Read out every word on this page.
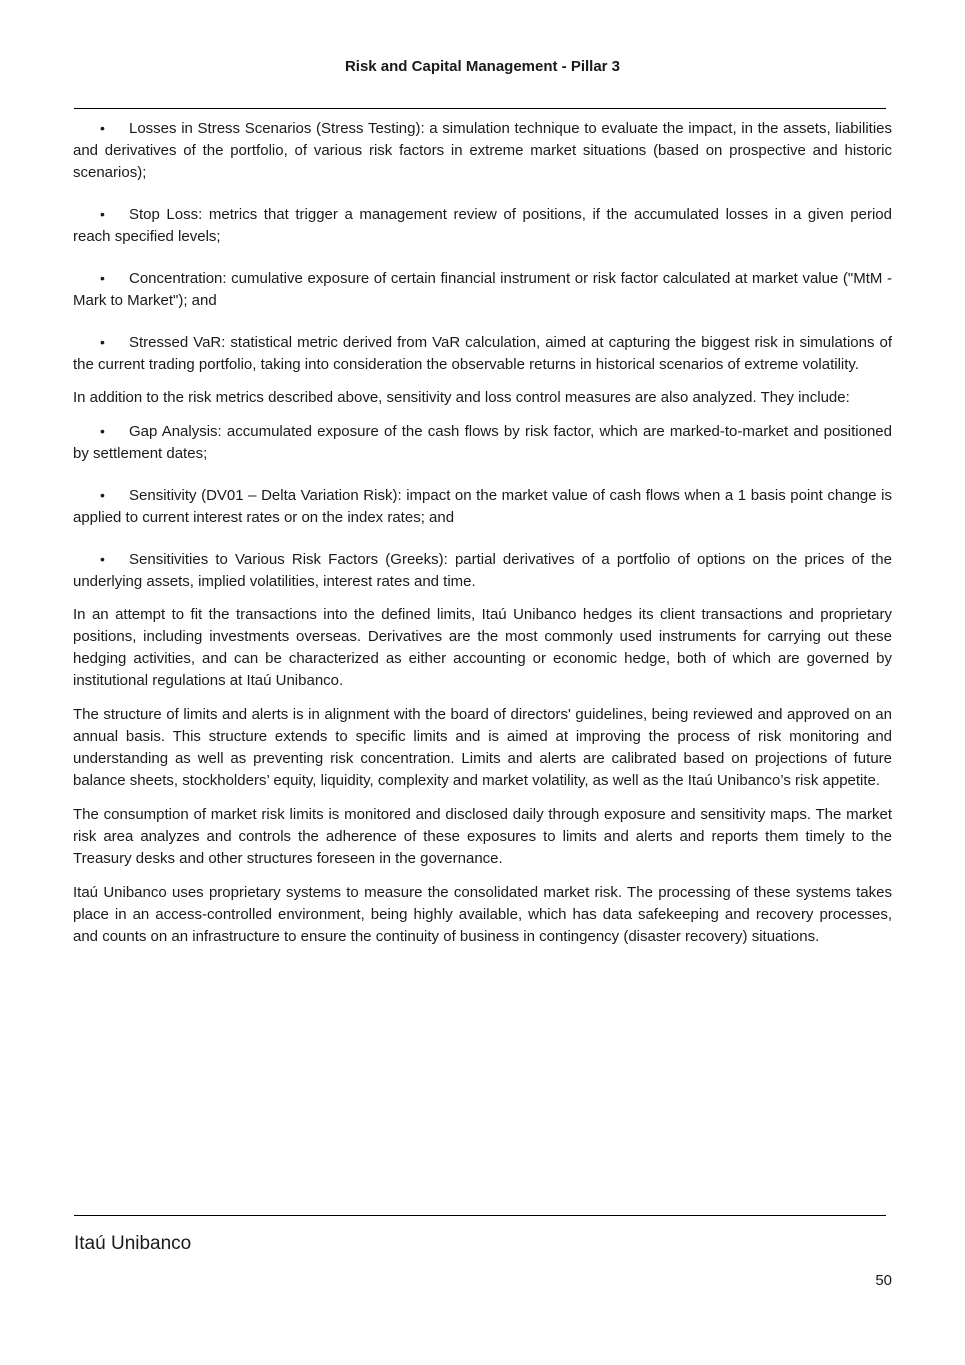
Risk and Capital Management - Pillar 3

•	Losses in Stress Scenarios (Stress Testing): a simulation technique to evaluate the impact, in the assets, liabilities and derivatives of the portfolio, of various risk factors in extreme market situations (based on prospective and historic scenarios);

•	Stop Loss: metrics that trigger a management review of positions, if the accumulated losses in a given period reach specified levels;

•	Concentration: cumulative exposure of certain financial instrument or risk factor calculated at market value ("MtM - Mark to Market"); and

•	Stressed VaR: statistical metric derived from VaR calculation, aimed at capturing the biggest risk in simulations of the current trading portfolio, taking into consideration the observable returns in historical scenarios of extreme volatility.

In addition to the risk metrics described above, sensitivity and loss control measures are also analyzed. They include:

•	Gap Analysis: accumulated exposure of the cash flows by risk factor, which are marked-to-market and positioned by settlement dates;

•	Sensitivity (DV01 – Delta Variation Risk): impact on the market value of cash flows when a 1 basis point change is applied to current interest rates or on the index rates; and

•	Sensitivities to Various Risk Factors (Greeks): partial derivatives of a portfolio of options on the prices of the underlying assets, implied volatilities, interest rates and time.

In an attempt to fit the transactions into the defined limits, Itaú Unibanco hedges its client transactions and proprietary positions, including investments overseas. Derivatives are the most commonly used instruments for carrying out these hedging activities, and can be characterized as either accounting or economic hedge, both of which are governed by institutional regulations at Itaú Unibanco.

The structure of limits and alerts is in alignment with the board of directors' guidelines, being reviewed and approved on an annual basis. This structure extends to specific limits and is aimed at improving the process of risk monitoring and understanding as well as preventing risk concentration. Limits and alerts are calibrated based on projections of future balance sheets, stockholders’ equity, liquidity, complexity and market volatility, as well as the Itaú Unibanco’s risk appetite.

The consumption of market risk limits is monitored and disclosed daily through exposure and sensitivity maps. The market risk area analyzes and controls the adherence of these exposures to limits and alerts and reports them timely to the Treasury desks and other structures foreseen in the governance.

Itaú Unibanco uses proprietary systems to measure the consolidated market risk. The processing of these systems takes place in an access-controlled environment, being highly available, which has data safekeeping and recovery processes, and counts on an infrastructure to ensure the continuity of business in contingency (disaster recovery) situations.

Itaú Unibanco
50
